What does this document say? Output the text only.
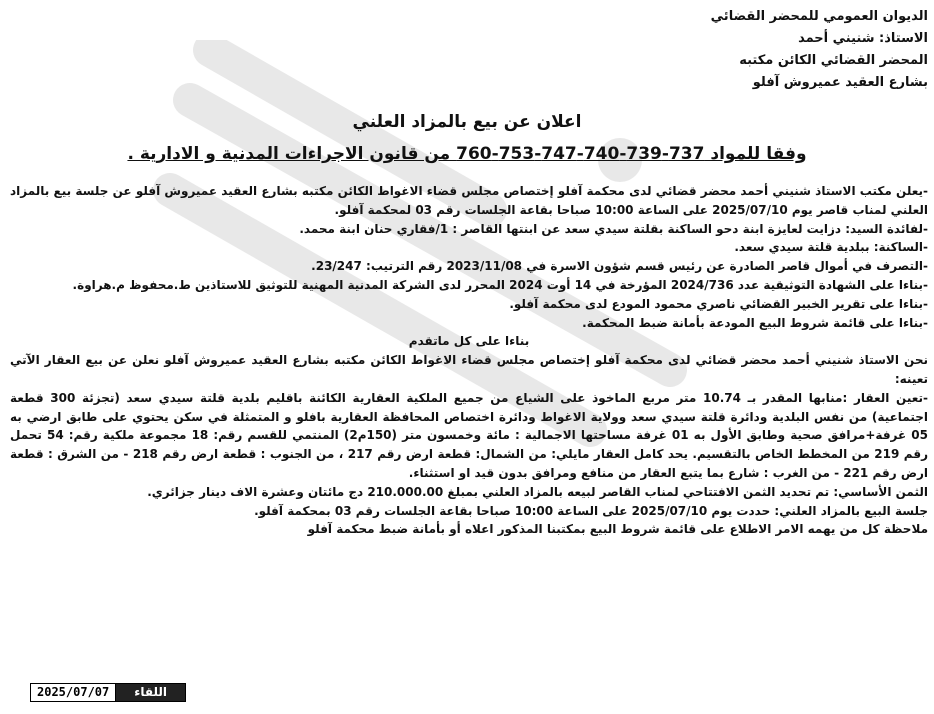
الديوان العمومي للمحضر القضائي
الاستاذ: شنيني أحمد
المحضر القضائي الكائن مكتبه
بشارع العقيد عميروش آفلو
اعلان عن بيع بالمزاد العلني
وفقا للمواد 737-739-740-747-753-760 من قانون الاجراءات المدنية و الادارية .

-يعلن مكتب الاستاذ شنيني أحمد محضر قضائي لدى محكمة آفلو إختصاص مجلس قضاء الاغواط الكائن مكتبه بشارع العقيد عميروش آفلو عن جلسة بيع بالمزاد العلني لمناب قاصر يوم 2025/07/10 على الساعة 10:00 صباحا بقاعة الجلسات رقم 03 لمحكمة آفلو.

-لفائدة السيد: دزايت لعايزة ابنة دحو الساكنة بقلتة سيدي سعد عن ابنتها القاصر : 1/فقاري حنان ابنة محمد.

-الساكنة: ببلدية قلتة سيدي سعد.

-التصرف في أموال قاصر الصادرة عن رئيس قسم شؤون الاسرة في 2023/11/08 رقم الترتيب: 23/247.

-بناءا على الشهادة التوثيقية عدد 2024/736 المؤرخة في 14 أوت 2024 المحرر لدى الشركة المدنية المهنية للتوثيق للاستاذين ط.محفوظ م.هراوة.

-بناءا على تقرير الخبير القضائي ناصري محمود المودع لدى محكمة آفلو.

-بناءا على قائمة شروط البيع المودعة بأمانة ضبط المحكمة.

بناءا على كل ماتقدم

نحن الاستاذ شنيني أحمد محضر قضائي لدى محكمة آفلو إختصاص مجلس قضاء الاغواط الكائن مكتبه بشارع العقيد عميروش آفلو نعلن عن بيع العقار الآتي تعينه:

-تعين العقار :منابها المقدر بـ 10.74 متر مربع الماخوذ على الشياع من جميع الملكية العقارية الكائنة باقليم بلدية قلتة سيدي سعد (تجزئة 300 قطعة اجتماعية) من نفس البلدية ودائرة قلتة سيدي سعد وولاية الاغواط ودائرة اختصاص المحافظة العقارية بافلو و المتمثلة في سكن يحتوي على طابق ارضي به 05 غرفة+مرافق صحية وطابق الأول به 01 غرفة مساحتها الاجمالية : مائة وخمسون متر (150م2) المنتمي للقسم رقم: 18 مجموعة ملكية رقم: 54 تحمل رقم 219 من المخطط الخاص بالتقسيم. يحد كامل العقار مايلي: من الشمال: قطعة ارض رقم 217 ، من الجنوب : قطعة ارض رقم 218 - من الشرق : قطعة ارض رقم 221 - من الغرب : شارع بما يتبع العقار من منافع ومرافق بدون قيد او استثناء.

الثمن الأساسي: تم تحديد الثمن الافتتاحي لمناب القاصر لبيعه بالمزاد العلني بمبلغ 210.000.00 دج مائتان وعشرة الاف دينار جزائري.

جلسة البيع بالمزاد العلني: حددت يوم 2025/07/10 على الساعة 10:00 صباحا بقاعة الجلسات رقم 03 بمحكمة آفلو.

ملاحظة كل من يهمه الامر الاطلاع على قائمة شروط البيع بمكتبنا المذكور اعلاه أو بأمانة ضبط محكمة آفلو

2025/07/07	اللقاء
